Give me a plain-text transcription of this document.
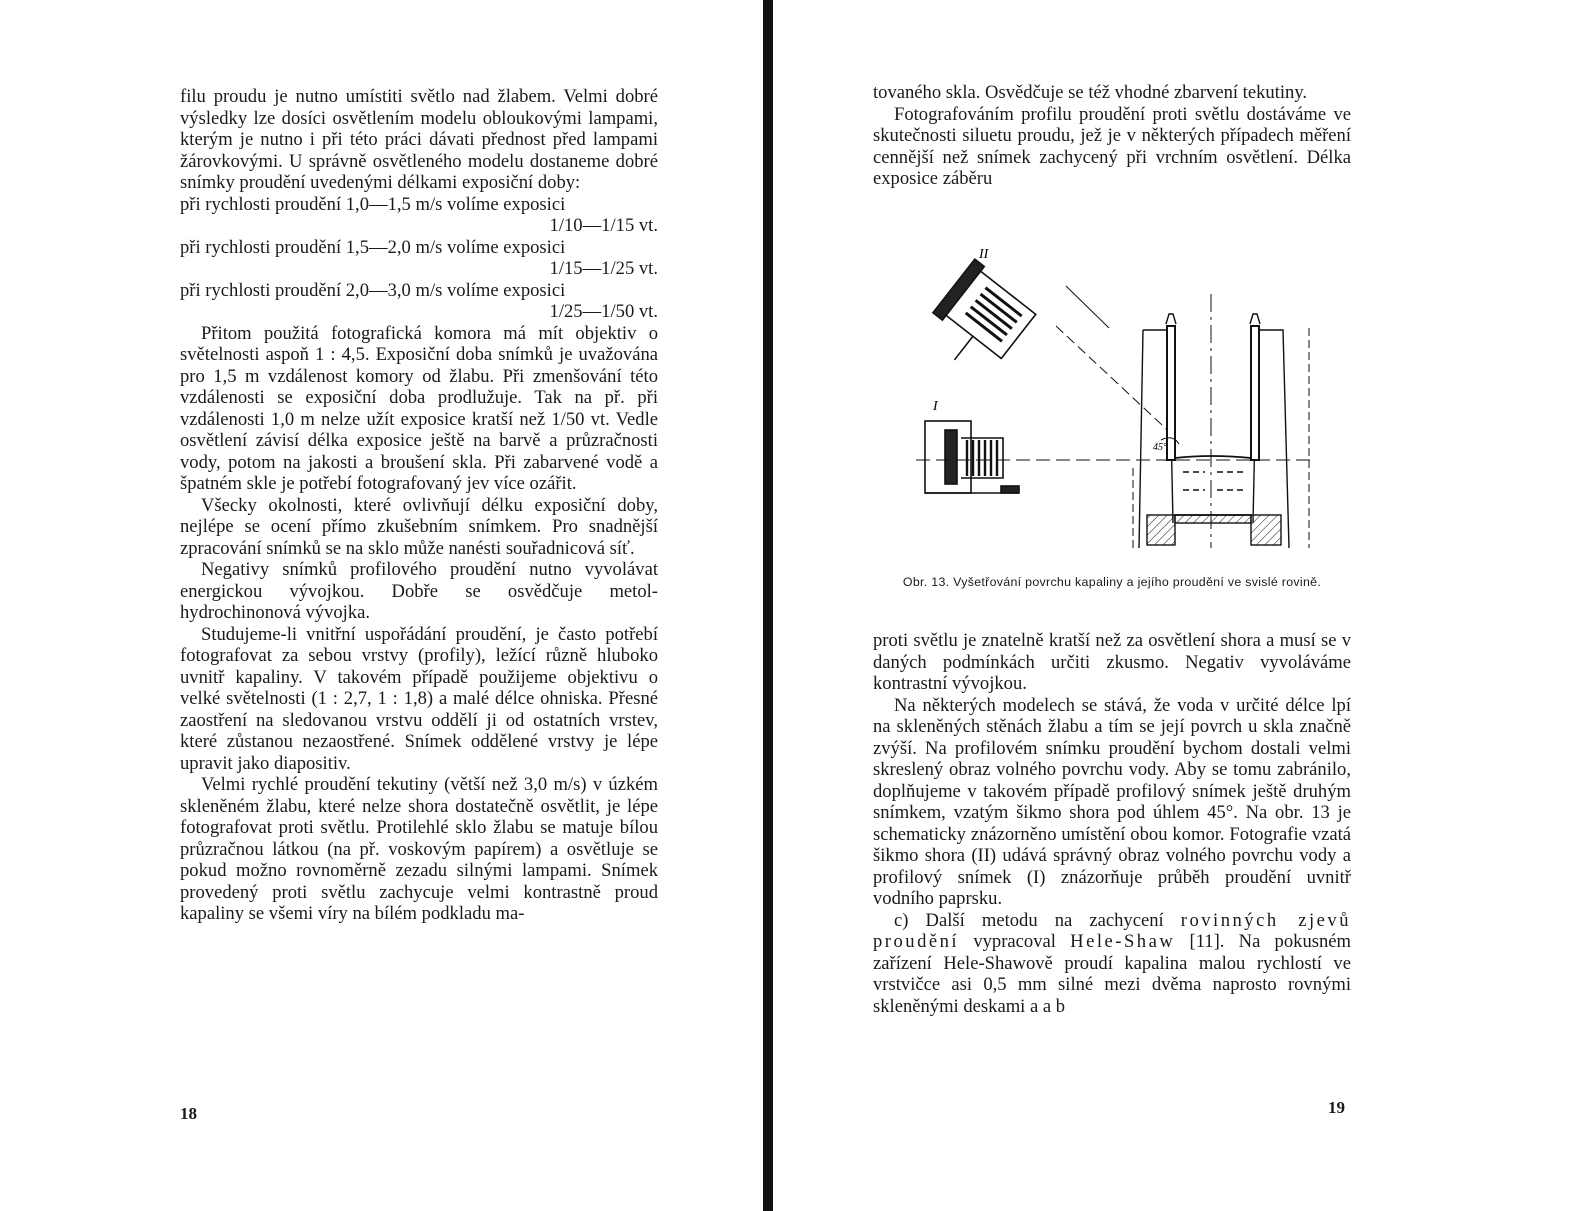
filu proudu je nutno umístiti světlo nad žlabem. Velmi dobré výsledky lze dosíci osvětlením modelu obloukovými lampami, kterým je nutno i při této práci dávati přednost před lampami žárovkovými. U správně osvětleného modelu dostaneme dobré snímky proudění uvedenými délkami exposiční doby:

při rychlosti proudění 1,0—1,5 m/s volíme exposici

1/10—1/15 vt.

při rychlosti proudění 1,5—2,0 m/s volíme exposici

1/15—1/25 vt.

při rychlosti proudění 2,0—3,0 m/s volíme exposici

1/25—1/50 vt.

Přitom použitá fotografická komora má mít objektiv o světelnosti aspoň 1 : 4,5. Exposiční doba snímků je uvažována pro 1,5 m vzdálenost komory od žlabu. Při zmenšování této vzdálenosti se exposiční doba prodlužuje. Tak na př. při vzdálenosti 1,0 m nelze užít exposice kratší než 1/50 vt. Vedle osvětlení závisí délka exposice ještě na barvě a průzračnosti vody, potom na jakosti a broušení skla. Při zabarvené vodě a špatném skle je potřebí fotografovaný jev více ozářit.

Všecky okolnosti, které ovlivňují délku exposiční doby, nejlépe se ocení přímo zkušebním snímkem. Pro snadnější zpracování snímků se na sklo může nanésti souřadnicová síť.

Negativy snímků profilového proudění nutno vyvolávat energickou vývojkou. Dobře se osvědčuje metol-hydrochinonová vývojka.

Studujeme-li vnitřní uspořádání proudění, je často potřebí fotografovat za sebou vrstvy (profily), ležící různě hluboko uvnitř kapaliny. V takovém případě použijeme objektivu o velké světelnosti (1 : 2,7, 1 : 1,8) a malé délce ohniska. Přesné zaostření na sledovanou vrstvu oddělí ji od ostatních vrstev, které zůstanou nezaostřené. Snímek oddělené vrstvy je lépe upravit jako diapositiv.

Velmi rychlé proudění tekutiny (větší než 3,0 m/s) v úzkém skleněném žlabu, které nelze shora dostatečně osvětlit, je lépe fotografovat proti světlu. Protilehlé sklo žlabu se matuje bílou průzračnou látkou (na př. voskovým papírem) a osvětluje se pokud možno rovnoměrně zezadu silnými lampami. Snímek provedený proti světlu zachycuje velmi kontrastně proud kapaliny se všemi víry na bílém podkladu ma-

18

tovaného skla. Osvědčuje se též vhodné zbarvení tekutiny.

Fotografováním profilu proudění proti světlu dostáváme ve skutečnosti siluetu proudu, jež je v některých případech měření cennější než snímek zachycený při vrchním osvětlení. Délka exposice záběru

II
I
45°
Obr. 13. Vyšetřování povrchu kapaliny a jejího proudění ve svislé rovině.

proti světlu je znatelně kratší než za osvětlení shora a musí se v daných podmínkách určiti zkusmo. Negativ vyvoláváme kontrastní vývojkou.

Na některých modelech se stává, že voda v určité délce lpí na skleněných stěnách žlabu a tím se její povrch u skla značně zvýší. Na profilovém snímku proudění bychom dostali velmi skreslený obraz volného povrchu vody. Aby se tomu zabránilo, doplňujeme v takovém případě profilový snímek ještě druhým snímkem, vzatým šikmo shora pod úhlem 45°. Na obr. 13 je schematicky znázorněno umístění obou komor. Fotografie vzatá šikmo shora (II) udává správný obraz volného povrchu vody a profilový snímek (I) znázorňuje průběh proudění uvnitř vodního paprsku.

c) Další metodu na zachycení rovinných zjevů proudění vypracoval Hele-Shaw [11]. Na pokusném zařízení Hele-Shawově proudí kapalina malou rychlostí ve vrstvičce asi 0,5 mm silné mezi dvěma naprosto rovnými skleněnými deskami a a b

19
